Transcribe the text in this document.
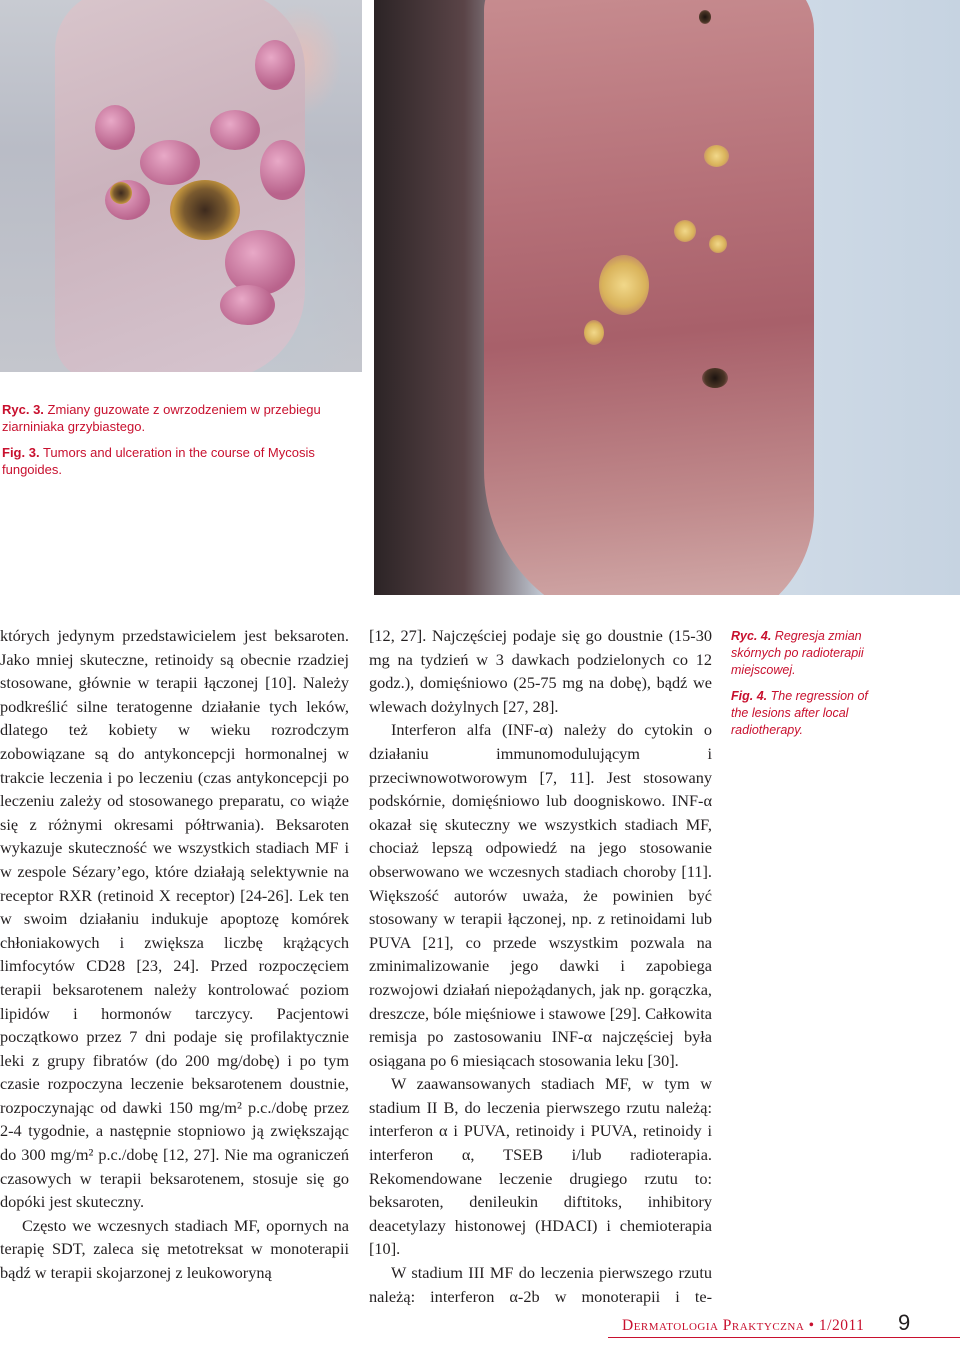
Ryc. 3. Zmiany guzowate z owrzodzeniem w przebiegu ziarniniaka grzybiastego.

Fig. 3. Tumors and ulceration in the course of Mycosis fungoides.

Ryc. 4. Regresja zmian skórnych po radioterapii miejscowej.

Fig. 4. The regression of the lesions after local radiotherapy.

których jedynym przedstawicielem jest beksaroten. Jako mniej skuteczne, retinoidy są obecnie rzadziej stosowane, głównie w terapii łączonej [10]. Należy podkreślić silne teratogenne działanie tych leków, dlatego też kobiety w wieku rozrodczym zobowiązane są do antykoncepcji hormonalnej w trakcie leczenia i po leczeniu (czas antykoncepcji po leczeniu zależy od stosowanego preparatu, co wiąże się z różnymi okresami półtrwania). Beksaroten wykazuje skuteczność we wszystkich stadiach MF i w zespole Sézary’ego, które działają selektywnie na receptor RXR (retinoid X receptor) [24-26]. Lek ten w swoim działaniu indukuje apoptozę komórek chłoniakowych i zwiększa liczbę krążących limfocytów CD28 [23, 24]. Przed rozpoczęciem terapii beksarotenem należy kontrolować poziom lipidów i hormonów tarczycy. Pacjentowi początkowo przez 7 dni podaje się profilaktycznie leki z grupy fibratów (do 200 mg/dobę) i po tym czasie rozpoczyna leczenie beksarotenem doustnie, rozpoczynając od dawki 150 mg/m² p.c./dobę przez 2-4 tygodnie, a następnie stopniowo ją zwiększając do 300 mg/m² p.c./dobę [12, 27]. Nie ma ograniczeń czasowych w terapii beksarotenem, stosuje się go dopóki jest skuteczny.

Często we wczesnych stadiach MF, opornych na terapię SDT, zaleca się metotreksat w monoterapii bądź w terapii skojarzonej z leukoworyną

[12, 27]. Najczęściej podaje się go doustnie (15-30 mg na tydzień w 3 dawkach podzielonych co 12 godz.), domięśniowo (25-75 mg na dobę), bądź we wlewach dożylnych [27, 28].

Interferon alfa (INF-α) należy do cytokin o działaniu immunomodulującym i przeciwnowotworowym [7, 11]. Jest stosowany podskórnie, domięśniowo lub doogniskowo. INF-α okazał się skuteczny we wszystkich stadiach MF, chociaż lepszą odpowiedź na jego stosowanie obserwowano we wczesnych stadiach choroby [11]. Większość autorów uważa, że powinien być stosowany w terapii łączonej, np. z retinoidami lub PUVA [21], co przede wszystkim pozwala na zminimalizowanie jego dawki i zapobiega rozwojowi działań niepożądanych, jak np. gorączka, dreszcze, bóle mięśniowe i stawowe [29]. Całkowita remisja po zastosowaniu INF-α najczęściej była osiągana po 6 miesiącach stosowania leku [30].

W zaawansowanych stadiach MF, w tym w stadium II B, do leczenia pierwszego rzutu należą: interferon α i PUVA, retinoidy i PUVA, retinoidy i interferon α, TSEB i/lub radioterapia. Rekomendowane leczenie drugiego rzutu to: beksaroten, denileukin diftitoks, inhibitory deacetylazy histonowej (HDACI) i chemioterapia [10].

W stadium III MF do leczenia pierwszego rzutu należą: interferon α-2b w monoterapii i te-

Dermatologia Praktyczna • 1/2011 9
